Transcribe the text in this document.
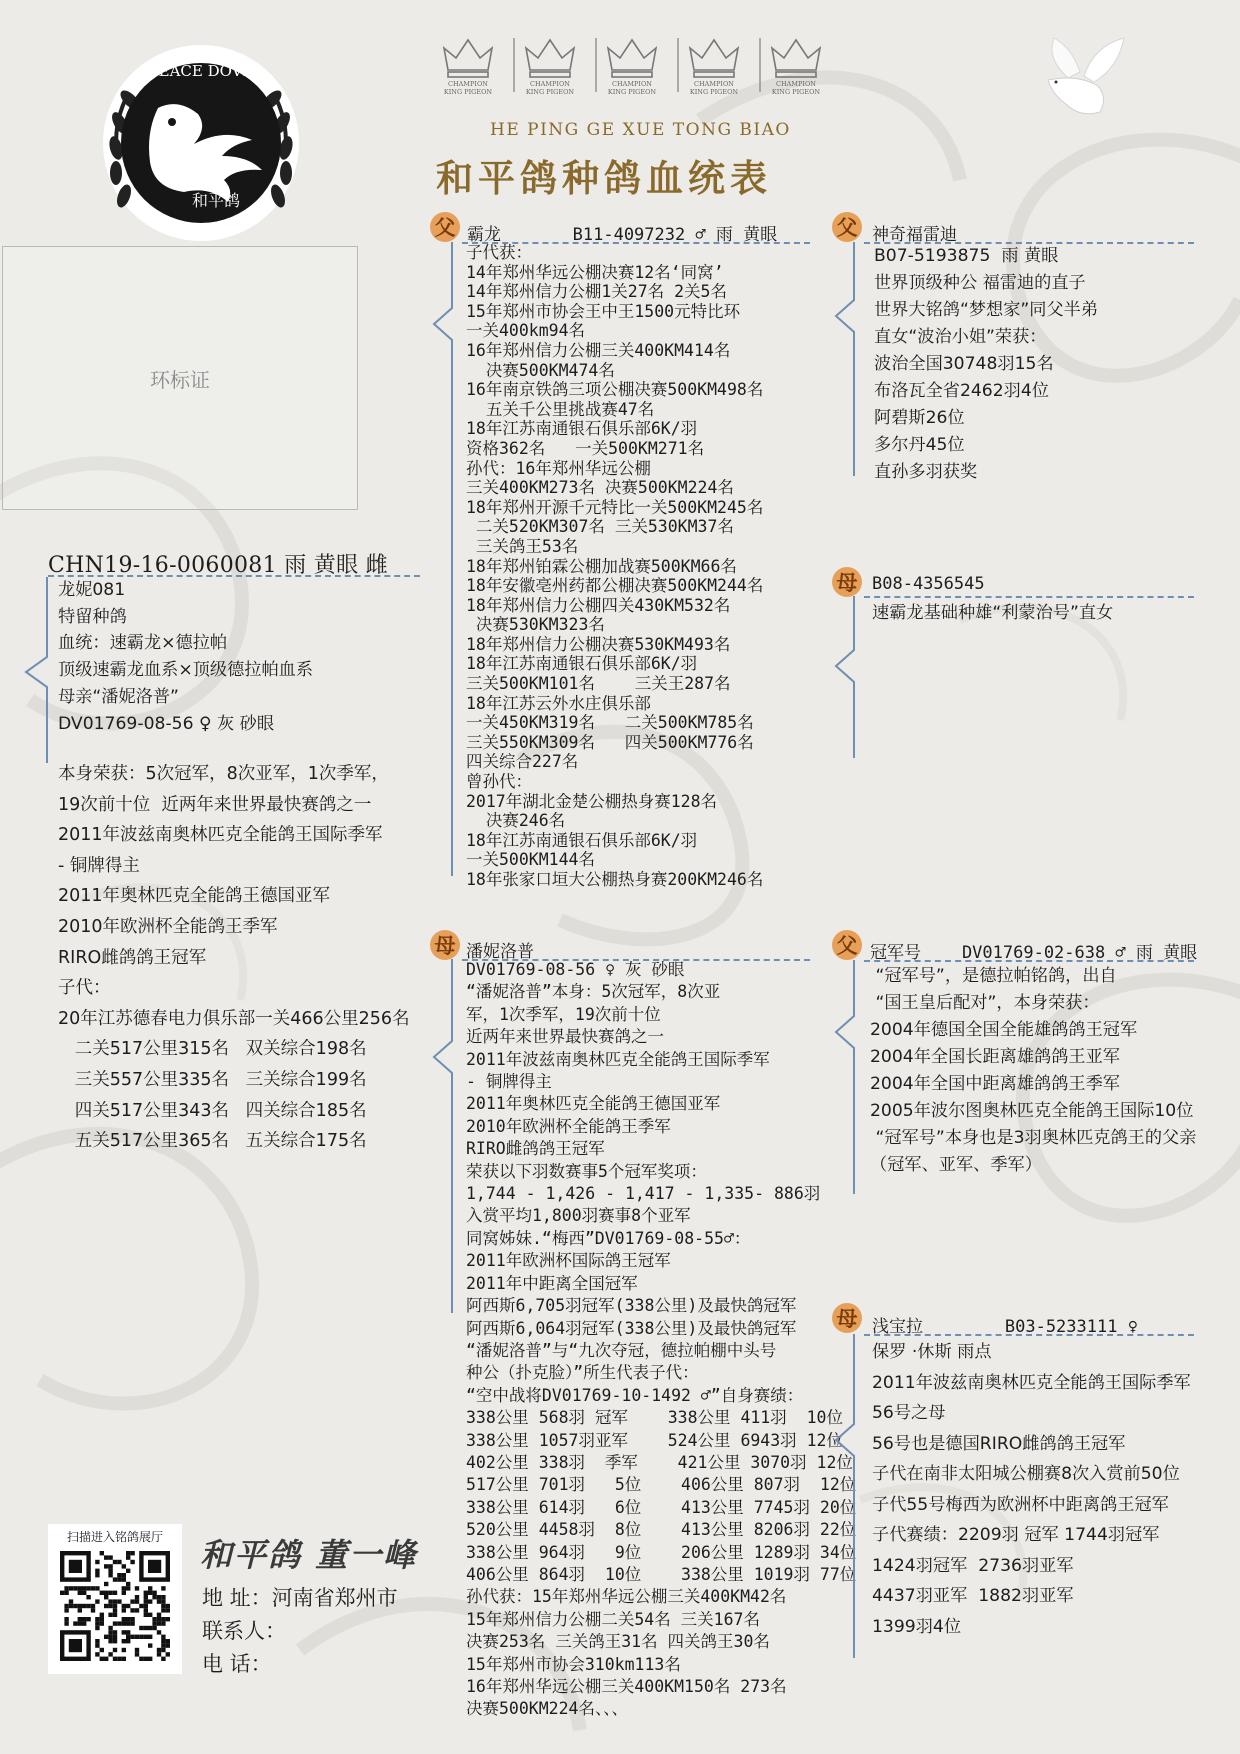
PEACE DOVE
和平鸽
CHAMPION
KING PIGEON
CHAMPION
KING PIGEON
CHAMPION
KING PIGEON
CHAMPION
KING PIGEON
CHAMPION
KING PIGEON
HE PING GE XUE TONG BIAO
和平鸽种鸽血统表
环标证
CHN19-16-0060081 雨 黄眼 雌
龙妮081
特留种鸽
血统：速霸龙×德拉帕
顶级速霸龙血系×顶级德拉帕血系
母亲“潘妮洛普”
DV01769-08-56 ♀ 灰 砂眼
本身荣获：5次冠军，8次亚军，1次季军，
19次前十位  近两年来世界最快赛鸽之一
2011年波兹南奥林匹克全能鸽王国际季军
- 铜牌得主
2011年奥林匹克全能鸽王德国亚军
2010年欧洲杯全能鸽王季军
RIRO雌鸽鸽王冠军
子代：
20年江苏德春电力俱乐部一关466公里256名
二关517公里315名   双关综合198名
三关557公里335名   三关综合199名
四关517公里343名   四关综合185名
五关517公里365名   五关综合175名
父 霸龙       B11-4097232 ♂ 雨 黄眼
子代获：
14年郑州华远公棚决赛12名‘同窝’
14年郑州信力公棚1关27名 2关5名
15年郑州市协会王中王1500元特比环
一关400km94名
16年郑州信力公棚三关400KM414名
决赛500KM474名
16年南京铁鸽三项公棚决赛500KM498名
五关千公里挑战赛47名
18年江苏南通银石俱乐部6K/羽
资格362名   一关500KM271名
孙代：16年郑州华远公棚
三关400KM273名 决赛500KM224名
18年郑州开源千元特比一关500KM245名
二关520KM307名 三关530KM37名
三关鸽王53名
18年郑州铂霖公棚加战赛500KM66名
18年安徽亳州药都公棚决赛500KM244名
18年郑州信力公棚四关430KM532名
决赛530KM323名
18年郑州信力公棚决赛530KM493名
18年江苏南通银石俱乐部6K/羽
三关500KM101名    三关王287名
18年江苏云外水庄俱乐部
一关450KM319名   二关500KM785名
三关550KM309名   四关500KM776名
四关综合227名
曾孙代：
2017年湖北金楚公棚热身赛128名
决赛246名
18年江苏南通银石俱乐部6K/羽
一关500KM144名
18年张家口垣大公棚热身赛200KM246名
父 神奇福雷迪
B07-5193875  雨 黄眼
世界顶级种公 福雷迪的直子
世界大铭鸽“梦想家”同父半弟
直女“波治小姐”荣获：
波治全国30748羽15名
布洛瓦全省2462羽4位
阿碧斯26位
多尔丹45位
直孙多羽获奖
母 B08-4356545
速霸龙基础种雄“利蒙治号”直女
母 潘妮洛普
DV01769-08-56 ♀ 灰 砂眼
“潘妮洛普”本身：5次冠军，8次亚
军，1次季军，19次前十位
近两年来世界最快赛鸽之一
2011年波兹南奥林匹克全能鸽王国际季军
- 铜牌得主
2011年奥林匹克全能鸽王德国亚军
2010年欧洲杯全能鸽王季军
RIRO雌鸽鸽王冠军
荣获以下羽数赛事5个冠军奖项：
1,744 - 1,426 - 1,417 - 1,335- 886羽
入赏平均1,800羽赛事8个亚军
同窝姊妹.“梅西”DV01769-08-55♂：
2011年欧洲杯国际鸽王冠军
2011年中距离全国冠军
阿西斯6,705羽冠军(338公里)及最快鸽冠军
阿西斯6,064羽冠军(338公里)及最快鸽冠军
“潘妮洛普”与“九次夺冠，德拉帕棚中头号
种公（扑克脸）”所生代表子代：
“空中战将DV01769-10-1492 ♂”自身赛绩：
338公里 568羽 冠军    338公里 411羽  10位
338公里 1057羽亚军    524公里 6943羽 12位
402公里 338羽  季军    421公里 3070羽 12位
517公里 701羽   5位    406公里 807羽  12位
338公里 614羽   6位    413公里 7745羽 20位
520公里 4458羽  8位    413公里 8206羽 22位
338公里 964羽   9位    206公里 1289羽 34位
406公里 864羽  10位    338公里 1019羽 77位
孙代获：15年郑州华远公棚三关400KM42名
15年郑州信力公棚二关54名 三关167名
决赛253名 三关鸽王31名 四关鸽王30名
15年郑州市协会310km113名
16年郑州华远公棚三关400KM150名 273名
决赛500KM224名、、、
父 冠军号    DV01769-02-638 ♂ 雨 黄眼
“冠军号”，是德拉帕铭鸽，出自
“国王皇后配对”，本身荣获：
2004年德国全国全能雄鸽鸽王冠军
2004年全国长距离雄鸽鸽王亚军
2004年全国中距离雄鸽鸽王季军
2005年波尔图奥林匹克全能鸽王国际10位
“冠军号”本身也是3羽奥林匹克鸽王的父亲
（冠军、亚军、季军）
母 浅宝拉        B03-5233111 ♀
保罗 ·休斯 雨点
2011年波兹南奥林匹克全能鸽王国际季军
56号之母
56号也是德国RIRO雌鸽鸽王冠军
子代在南非太阳城公棚赛8次入赏前50位
子代55号梅西为欧洲杯中距离鸽王冠军
子代赛绩：2209羽 冠军 1744羽冠军
1424羽冠军  2736羽亚军
4437羽亚军  1882羽亚军
1399羽4位
扫描进入铭鸽展厅	和平鸽 董一峰
地 址：河南省郑州市
联系人：
电 话：
